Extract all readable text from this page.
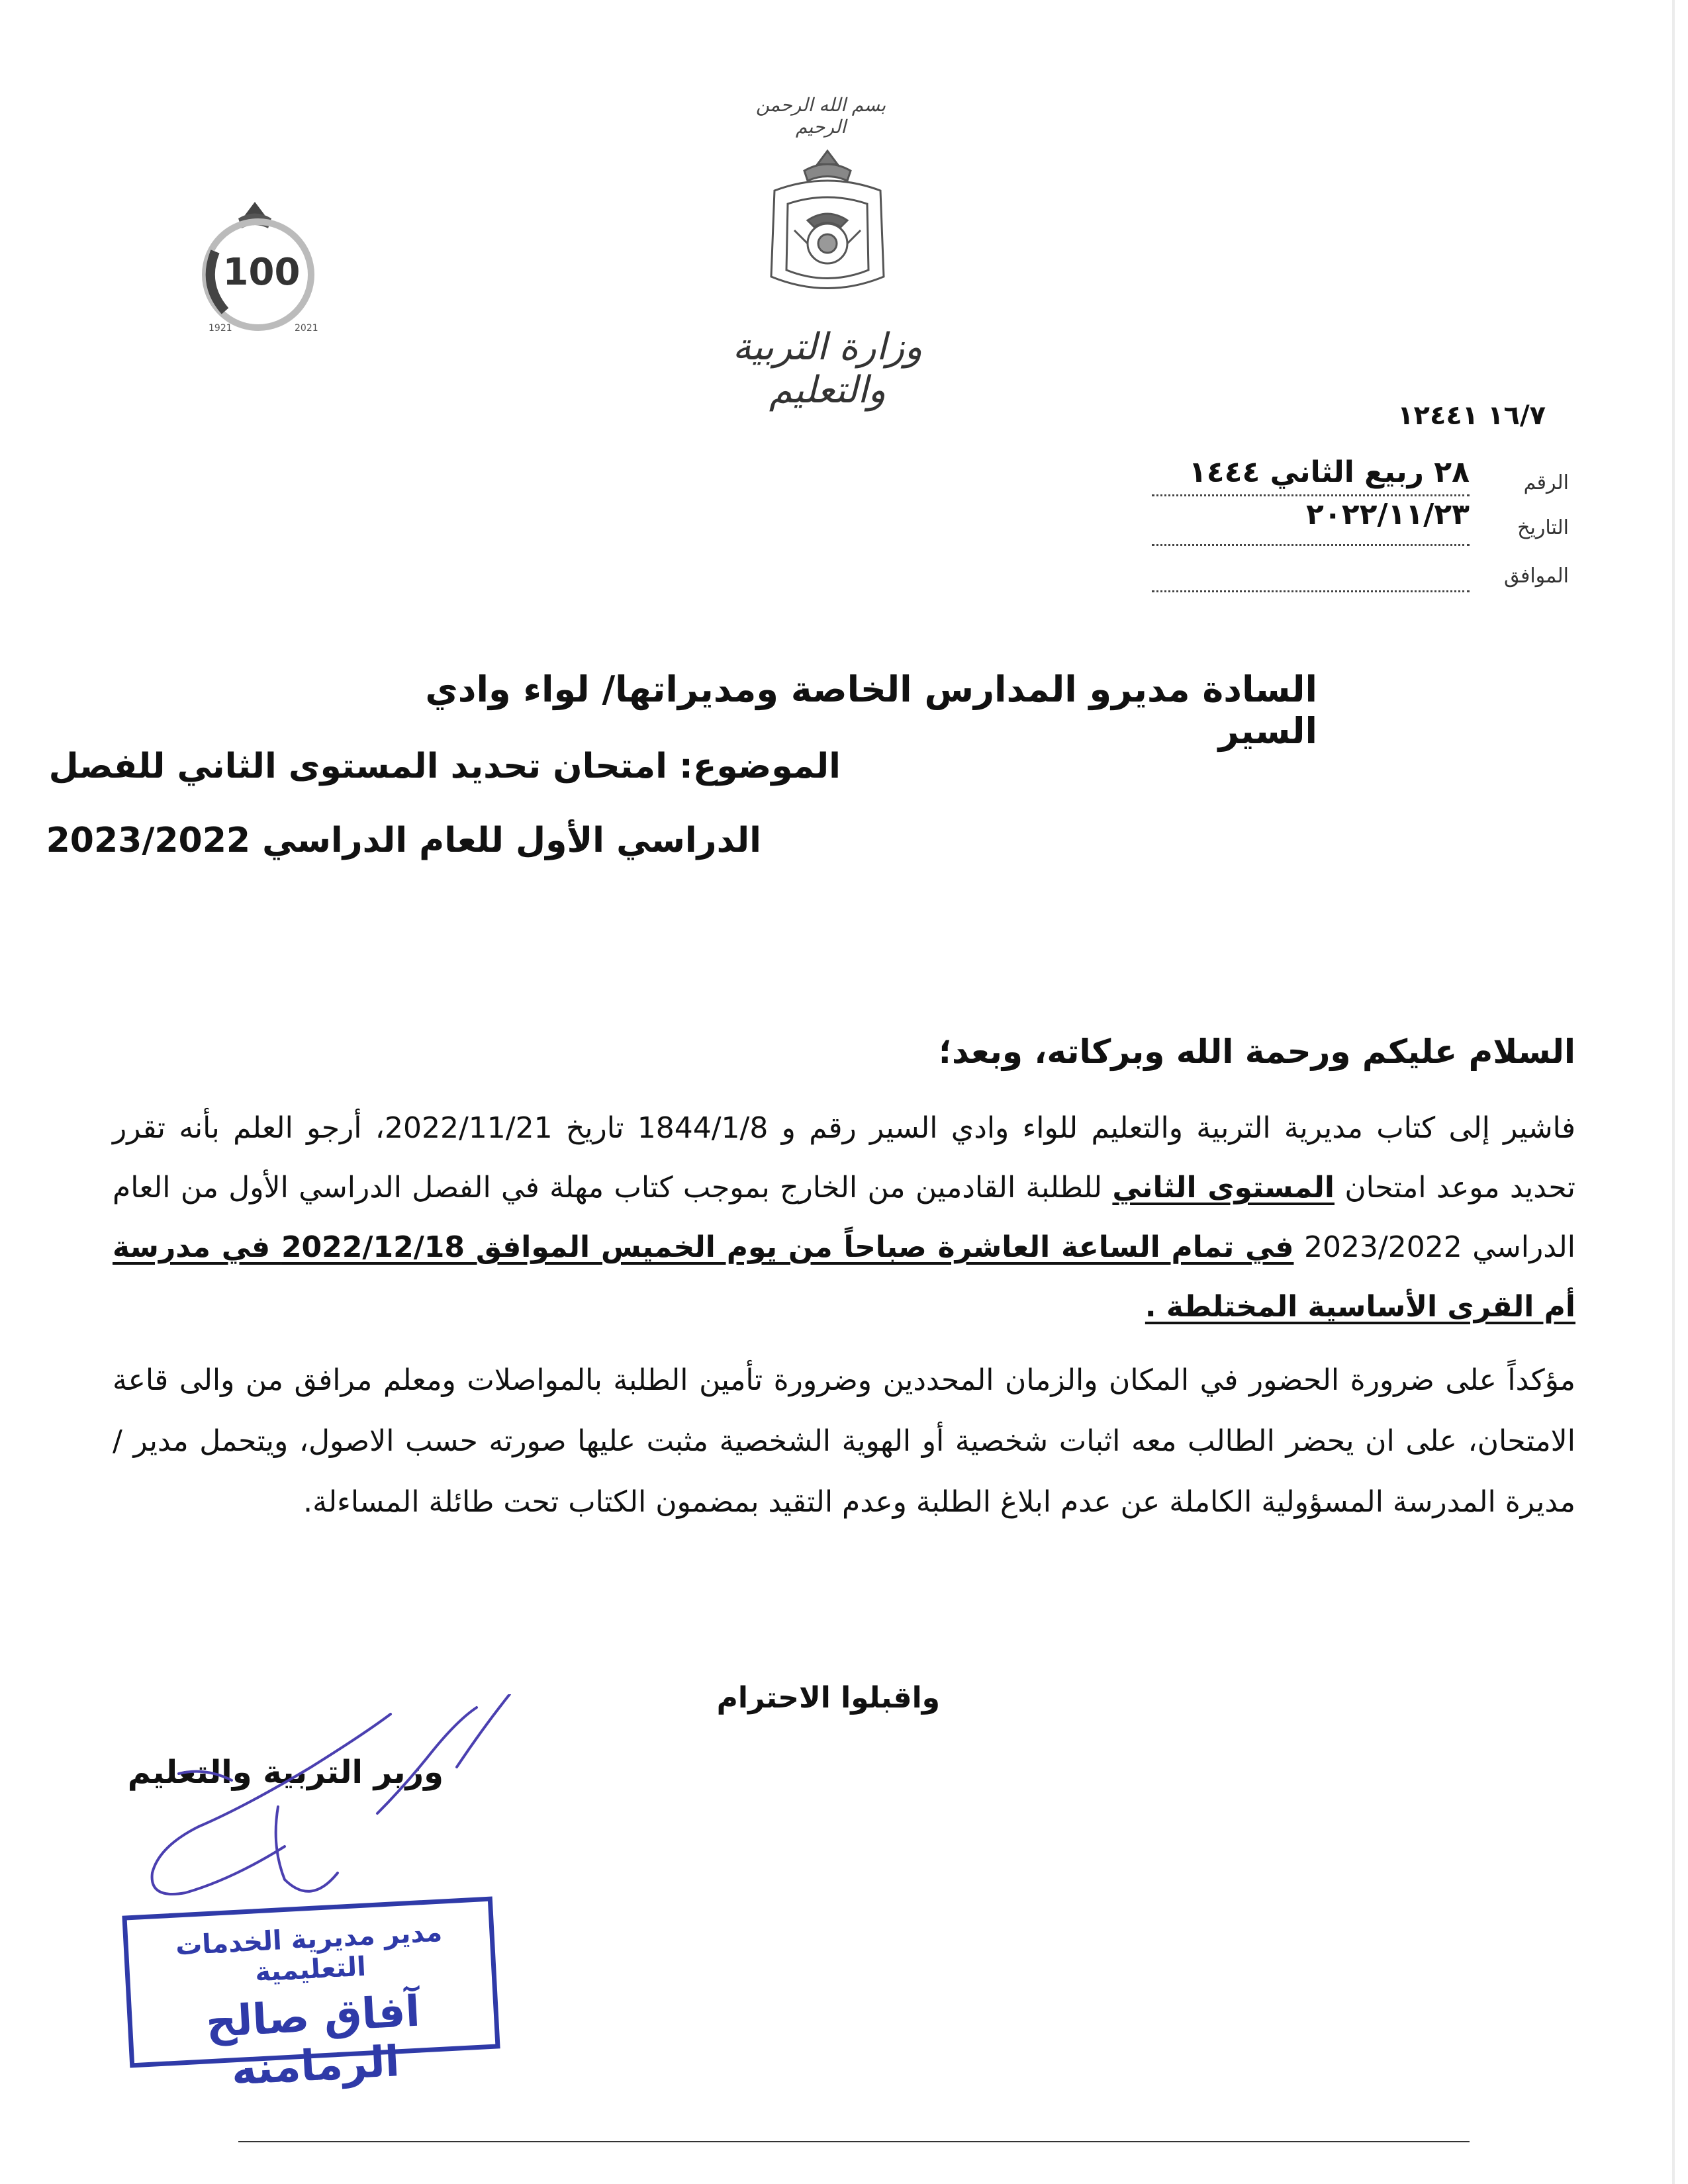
بسم الله الرحمن الرحيم
وزارة التربية والتعليم
100
1921	2021
١٦/٧ ١٢٤٤١
٢٨ ربيع الثاني ١٤٤٤
٢٠٢٢/١١/٢٣
الرقم
التاريخ
الموافق
السادة مديرو المدارس الخاصة ومديراتها/ لواء وادي السير
الموضوع: امتحان تحديد المستوى الثاني للفصل
الدراسي الأول للعام الدراسي 2023/2022
السلام عليكم ورحمة الله وبركاته، وبعد؛
فاشير إلى كتاب مديرية التربية والتعليم للواء وادي السير رقم و 1844/1/8 تاريخ 2022/11/21، أرجو العلم بأنه تقرر تحديد موعد امتحان المستوى الثاني للطلبة القادمين من الخارج بموجب كتاب مهلة في الفصل الدراسي الأول من العام الدراسي 2023/2022 في تمام الساعة العاشرة صباحاً من يوم الخميس الموافق 2022/12/18 في مدرسة أم القرى الأساسية المختلطة .
مؤكداً على ضرورة الحضور في المكان والزمان المحددين وضرورة تأمين الطلبة بالمواصلات ومعلم مرافق من والى قاعة الامتحان، على ان يحضر الطالب معه اثبات شخصية أو الهوية الشخصية مثبت عليها صورته حسب الاصول، ويتحمل مدير /مديرة المدرسة المسؤولية الكاملة عن عدم ابلاغ الطلبة وعدم التقيد بمضمون الكتاب تحت طائلة المساءلة.
واقبلوا الاحترام
وزير التربية والتعليم
مدير مديرية الخدمات التعليمية
آفاق صالح الرمامنه
